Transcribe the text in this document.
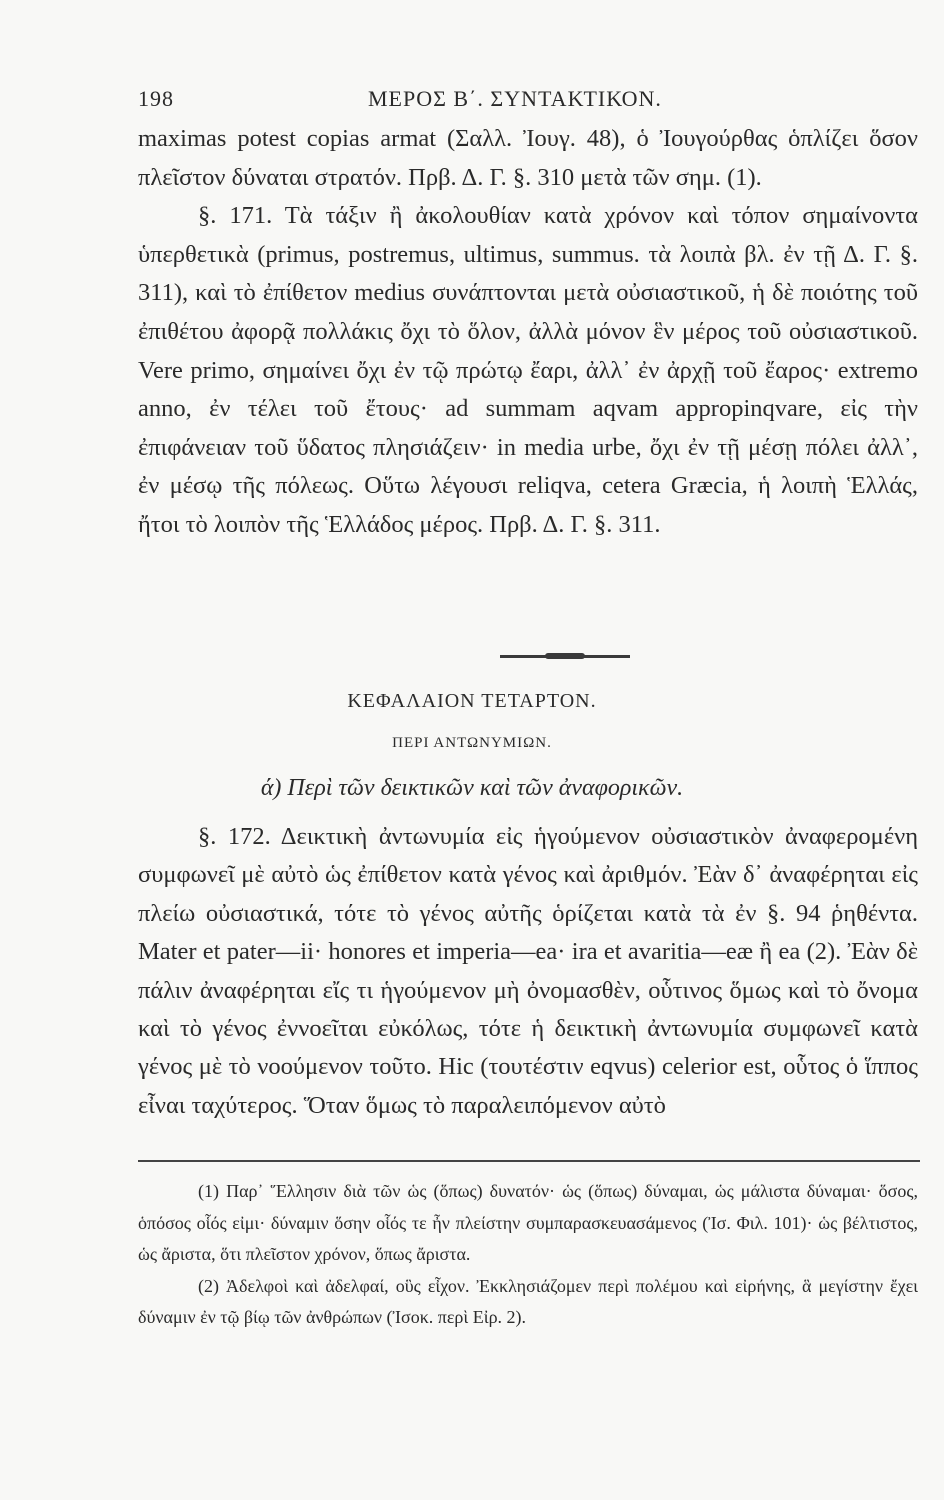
198	ΜΕΡΟΣ Β΄. ΣΥΝΤΑΚΤΙΚΟΝ.

maximas potest copias armat (Σαλλ. Ἰουγ. 48), ὁ Ἰουγούρθας ὁπλίζει ὅσον πλεῖστον δύναται στρατόν. Πρβ. Δ. Γ. §. 310 μετὰ τῶν σημ. (1).

§. 171. Τὰ τάξιν ἢ ἀκολουθίαν κατὰ χρόνον καὶ τόπον σημαίνοντα ὑπερθετικὰ (primus, postremus, ultimus, summus. τὰ λοιπὰ βλ. ἐν τῇ Δ. Γ. §. 311), καὶ τὸ ἐπίθετον medius συνάπτονται μετὰ οὐσιαστικοῦ, ἡ δὲ ποιότης τοῦ ἐπιθέτου ἀφορᾷ πολλάκις ὄχι τὸ ὅλον, ἀλλὰ μόνον ἓν μέρος τοῦ οὐσιαστικοῦ. Vere primo, σημαίνει ὄχι ἐν τῷ πρώτῳ ἔαρι, ἀλλ᾽ ἐν ἀρχῇ τοῦ ἔαρος· extremo anno, ἐν τέλει τοῦ ἔτους· ad summam aqvam appropinqvare, εἰς τὴν ἐπιφάνειαν τοῦ ὕδατος πλησιάζειν· in media urbe, ὄχι ἐν τῇ μέσῃ πόλει ἀλλ᾽, ἐν μέσῳ τῆς πόλεως. Οὕτω λέγουσι reliqva, cetera Græcia, ἡ λοιπὴ Ἑλλάς, ἤτοι τὸ λοιπὸν τῆς Ἑλλάδος μέρος. Πρβ. Δ. Γ. §. 311.

ΚΕΦΑΛΑΙΟΝ ΤΕΤΑΡΤΟΝ.
ΠΕΡΙ ΑΝΤΩΝΥΜΙΩΝ.
ά) Περὶ τῶν δεικτικῶν καὶ τῶν ἀναφορικῶν.

§. 172. Δεικτικὴ ἀντωνυμία εἰς ἡγούμενον οὐσιαστικὸν ἀναφερομένη συμφωνεῖ μὲ αὐτὸ ὡς ἐπίθετον κατὰ γένος καὶ ἀριθμόν. Ἐὰν δ᾽ ἀναφέρηται εἰς πλείω οὐσιαστικά, τότε τὸ γένος αὐτῆς ὁρίζεται κατὰ τὰ ἐν §. 94 ῥηθέντα. Mater et pater—ii· honores et imperia—ea· ira et avaritia—eæ ἢ ea (2). Ἐὰν δὲ πάλιν ἀναφέρηται εἴς τι ἡγούμενον μὴ ὀνομασθὲν, οὗτινος ὅμως καὶ τὸ ὄνομα καὶ τὸ γένος ἐννοεῖται εὐκόλως, τότε ἡ δεικτικὴ ἀντωνυμία συμφωνεῖ κατὰ γένος μὲ τὸ νοούμενον τοῦτο. Hic (τουτέστιν eqvus) celerior est, οὗτος ὁ ἵππος εἶναι ταχύτερος. Ὅταν ὅμως τὸ παραλειπόμενον αὐτὸ

(1) Παρ᾽ Ἕλλησιν διὰ τῶν ὡς (ὅπως) δυνατόν· ὡς (ὅπως) δύναμαι, ὡς μάλιστα δύναμαι· ὅσος, ὁπόσος οἷός εἰμι· δύναμιν ὅσην οἷός τε ἦν πλείστην συμπαρασκευασάμενος (Ἰσ. Φιλ. 101)· ὡς βέλτιστος, ὡς ἄριστα, ὅτι πλεῖστον χρόνον, ὅπως ἄριστα.

(2) Ἀδελφοὶ καὶ ἀδελφαί, οὓς εἶχον. Ἐκκλησιάζομεν περὶ πολέμου καὶ εἰρήνης, ἃ μεγίστην ἔχει δύναμιν ἐν τῷ βίῳ τῶν ἀνθρώπων (Ἰσοκ. περὶ Εἰρ. 2).
